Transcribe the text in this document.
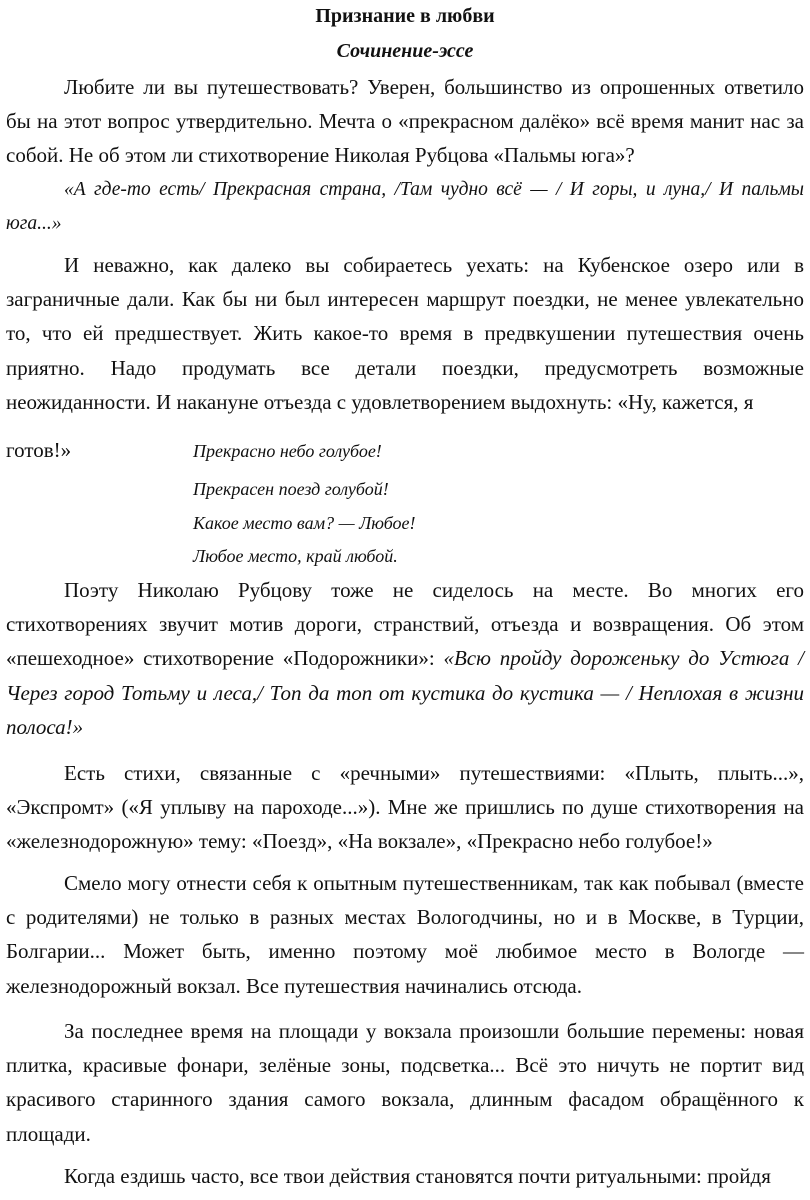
Признание в любви
Сочинение-эссе

Любите ли вы путешествовать? Уверен, большинство из опрошенных ответило бы на этот вопрос утвердительно. Мечта о «прекрасном далёко» всё время манит нас за собой. Не об этом ли стихотворение Николая Рубцова «Пальмы юга»?

«А где-то есть/ Прекрасная страна, /Там чудно всё — / И горы, и луна,/ И пальмы юга...»

И неважно, как далеко вы собираетесь уехать: на Кубенское озеро или в заграничные дали. Как бы ни был интересен маршрут поездки, не менее увлекательно то, что ей предшествует. Жить какое-то время в предвкушении путешествия очень приятно. Надо продумать все детали поездки, предусмотреть возможные неожиданности. И накануне отъезда с удовлетворением выдохнуть: «Ну, кажется, я

готов!»	Прекрасно небо голубое!

Прекрасен поезд голубой!

Какое место вам? — Любое!

Любое место, край любой.

Поэту Николаю Рубцову тоже не сиделось на месте. Во многих его стихотворениях звучит мотив дороги, странствий, отъезда и возвращения. Об этом «пешеходное» стихотворение «Подорожники»: «Всю пройду дороженьку до Устюга /Через город Тотьму и леса,/ Топ да топ от кустика до кустика — / Неплохая в жизни полоса!»

Есть стихи, связанные с «речными» путешествиями: «Плыть, плыть...», «Экспромт» («Я уплыву на пароходе...»). Мне же пришлись по душе стихотворения на «железнодорожную» тему: «Поезд», «На вокзале», «Прекрасно небо голубое!»

Смело могу отнести себя к опытным путешественникам, так как побывал (вместе с родителями) не только в разных местах Вологодчины, но и в Москве, в Турции, Болгарии... Может быть, именно поэтому моё любимое место в Вологде — железнодорожный вокзал. Все путешествия начинались отсюда.

За последнее время на площади у вокзала произошли большие перемены: новая плитка, красивые фонари, зелёные зоны, подсветка... Всё это ничуть не портит вид красивого старинного здания самого вокзала, длинным фасадом обращённого к площади.

Когда ездишь часто, все твои действия становятся почти ритуальными: пройдя
